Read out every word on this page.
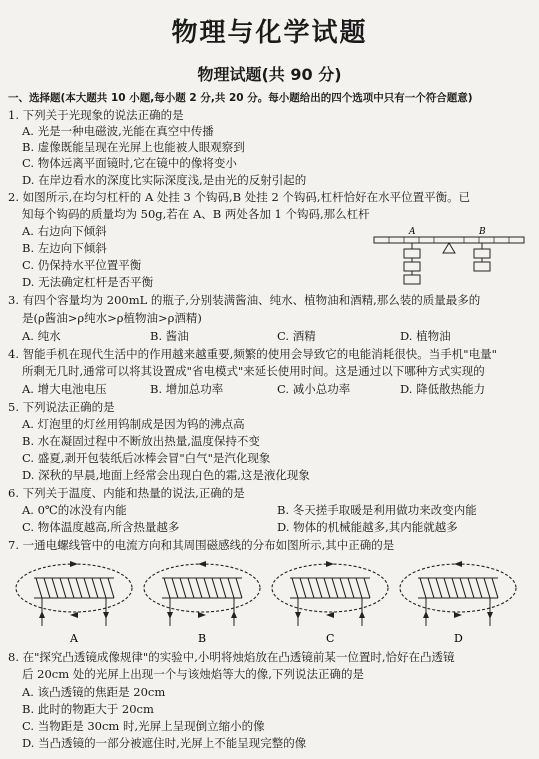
物理与化学试题
物理试题(共 90 分)
一、选择题(本大题共 10 小题,每小题 2 分,共 20 分。每小题给出的四个选项中只有一个符合题意)
1. 下列关于光现象的说法正确的是
A. 光是一种电磁波,光能在真空中传播
B. 虚像既能呈现在光屏上也能被人眼观察到
C. 物体远离平面镜时,它在镜中的像将变小
D. 在岸边看水的深度比实际深度浅,是由光的反射引起的
2. 如图所示,在均匀杠杆的 A 处挂 3 个钩码,B 处挂 2 个钩码,杠杆恰好在水平位置平衡。已
知每个钩码的质量均为 50g,若在 A、B 两处各加 1 个钩码,那么杠杆
A. 右边向下倾斜
B. 左边向下倾斜
C. 仍保持水平位置平衡
D. 无法确定杠杆是否平衡
A	B
3. 有四个容量均为 200mL 的瓶子,分别装满酱油、纯水、植物油和酒精,那么装的质量最多的
是(ρ酱油>ρ纯水>ρ植物油>ρ酒精)
A. 纯水	B. 酱油	C. 酒精	D. 植物油
4. 智能手机在现代生活中的作用越来越重要,频繁的使用会导致它的电能消耗很快。当手机"电量"
所剩无几时,通常可以将其设置成"省电模式"来延长使用时间。这是通过以下哪种方式实现的
A. 增大电池电压	B. 增加总功率	C. 减小总功率	D. 降低散热能力
5. 下列说法正确的是
A. 灯泡里的灯丝用钨制成是因为钨的沸点高
B. 水在凝固过程中不断放出热量,温度保持不变
C. 盛夏,剥开包装纸后冰棒会冒"白气"是汽化现象
D. 深秋的早晨,地面上经常会出现白色的霜,这是液化现象
6. 下列关于温度、内能和热量的说法,正确的是
A. 0℃的冰没有内能	B. 冬天搓手取暖是利用做功来改变内能
C. 物体温度越高,所含热量越多	D. 物体的机械能越多,其内能就越多
7. 一通电螺线管中的电流方向和其周围磁感线的分布如图所示,其中正确的是
A	B	C	D
8. 在"探究凸透镜成像规律"的实验中,小明将烛焰放在凸透镜前某一位置时,恰好在凸透镜
后 20cm 处的光屏上出现一个与该烛焰等大的像,下列说法正确的是
A. 该凸透镜的焦距是 20cm
B. 此时的物距大于 20cm
C. 当物距是 30cm 时,光屏上呈现倒立缩小的像
D. 当凸透镜的一部分被遮住时,光屏上不能呈现完整的像
